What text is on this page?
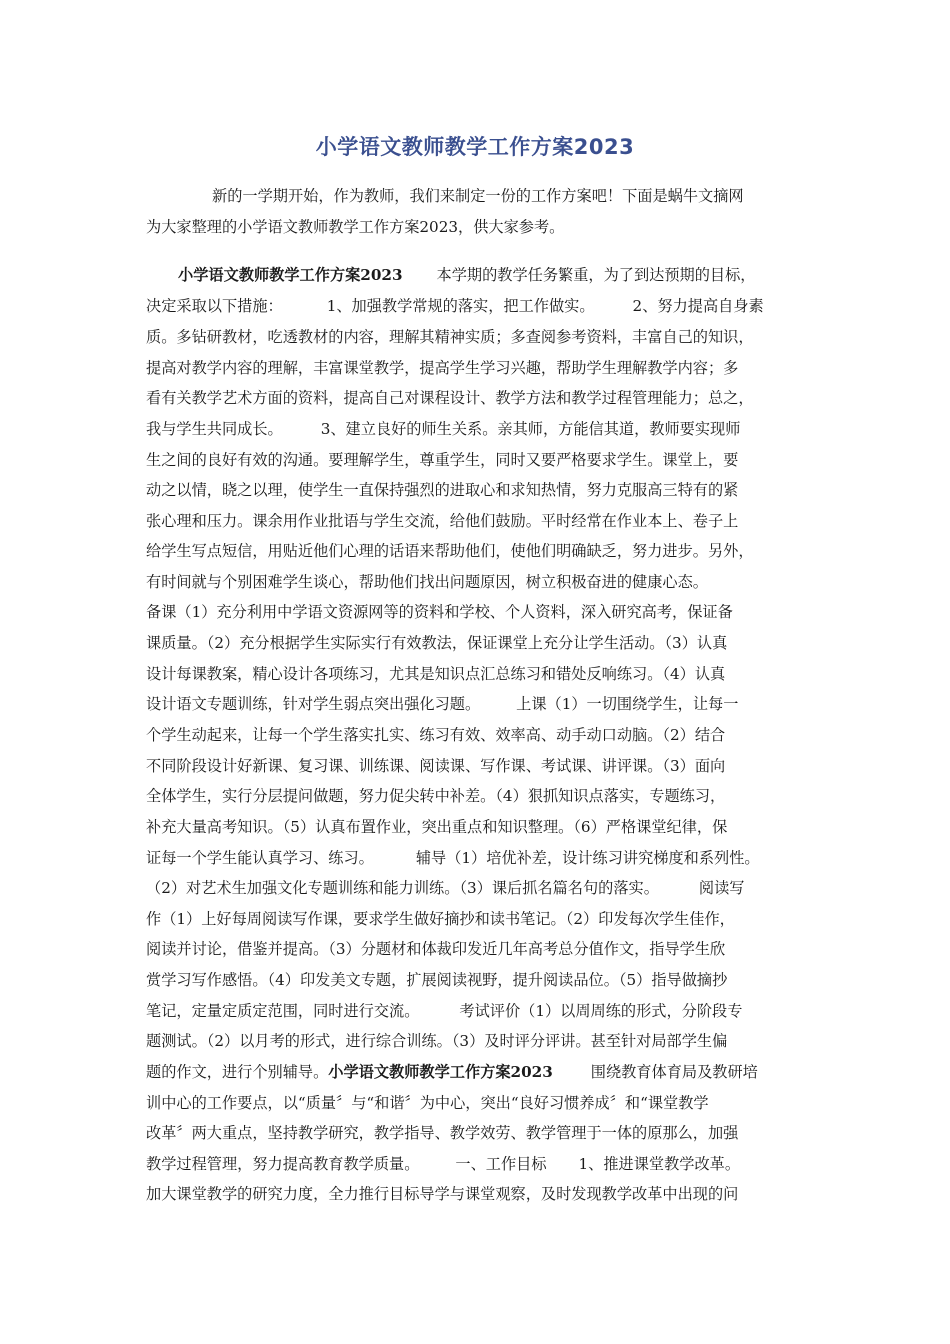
小学语文教师教学工作方案2023
新的一学期开始，作为教师，我们来制定一份的工作方案吧！下面是蜗牛文摘网
为大家整理的小学语文教师教学工作方案2023，供大家参考。
小学语文教师教学工作方案2023 本学期的教学任务繁重，为了到达预期的目标，
决定采取以下措施：	1、加强教学常规的落实，把工作做实。	2、努力提高自身素
质。多钻研教材，吃透教材的内容，理解其精神实质；多查阅参考资料，丰富自己的知识，
提高对教学内容的理解，丰富课堂教学，提高学生学习兴趣，帮助学生理解教学内容；多
看有关教学艺术方面的资料，提高自己对课程设计、教学方法和教学过程管理能力；总之，
我与学生共同成长。	3、建立良好的师生关系。亲其师，方能信其道，教师要实现师
生之间的良好有效的沟通。要理解学生，尊重学生，同时又要严格要求学生。课堂上，要
动之以情，晓之以理，使学生一直保持强烈的进取心和求知热情，努力克服高三特有的紧
张心理和压力。课余用作业批语与学生交流，给他们鼓励。平时经常在作业本上、卷子上
给学生写点短信，用贴近他们心理的话语来帮助他们，使他们明确缺乏，努力进步。另外，
有时间就与个别困难学生谈心，帮助他们找出问题原因，树立积极奋进的健康心态。
备课（1）充分利用中学语文资源网等的资料和学校、个人资料，深入研究高考，保证备
课质量。（2）充分根据学生实际实行有效教法，保证课堂上充分让学生活动。（3）认真
设计每课教案，精心设计各项练习，尤其是知识点汇总练习和错处反响练习。（4）认真
设计语文专题训练，针对学生弱点突出强化习题。 上课（1）一切围绕学生，让每一
个学生动起来，让每一个学生落实扎实、练习有效、效率高、动手动口动脑。（2）结合
不同阶段设计好新课、复习课、训练课、阅读课、写作课、考试课、讲评课。（3）面向
全体学生，实行分层提问做题，努力促尖转中补差。（4）狠抓知识点落实，专题练习，
补充大量高考知识。（5）认真布置作业，突出重点和知识整理。（6）严格课堂纪律，保
证每一个学生能认真学习、练习。	辅导（1）培优补差，设计练习讲究梯度和系列性。
（2）对艺术生加强文化专题训练和能力训练。（3）课后抓名篇名句的落实。	阅读写
作（1）上好每周阅读写作课，要求学生做好摘抄和读书笔记。（2）印发每次学生佳作，
阅读并讨论，借鉴并提高。（3）分题材和体裁印发近几年高考总分值作文，指导学生欣
赏学习写作感悟。（4）印发美文专题，扩展阅读视野，提升阅读品位。（5）指导做摘抄
笔记，定量定质定范围，同时进行交流。	考试评价（1）以周周练的形式，分阶段专
题测试。（2）以月考的形式，进行综合训练。（3）及时评分评讲。甚至针对局部学生偏
题的作文，进行个别辅导。小学语文教师教学工作方案2023	围绕教育体育局及教研培
训中心的工作要点，以“质量〞与“和谐〞为中心，突出“良好习惯养成〞和“课堂教学
改革〞两大重点，坚持教学研究，教学指导、教学效劳、教学管理于一体的原那么，加强
教学过程管理，努力提高教育教学质量。 一、工作目标 1、推进课堂教学改革。
加大课堂教学的研究力度，全力推行目标导学与课堂观察，及时发现教学改革中出现的问
